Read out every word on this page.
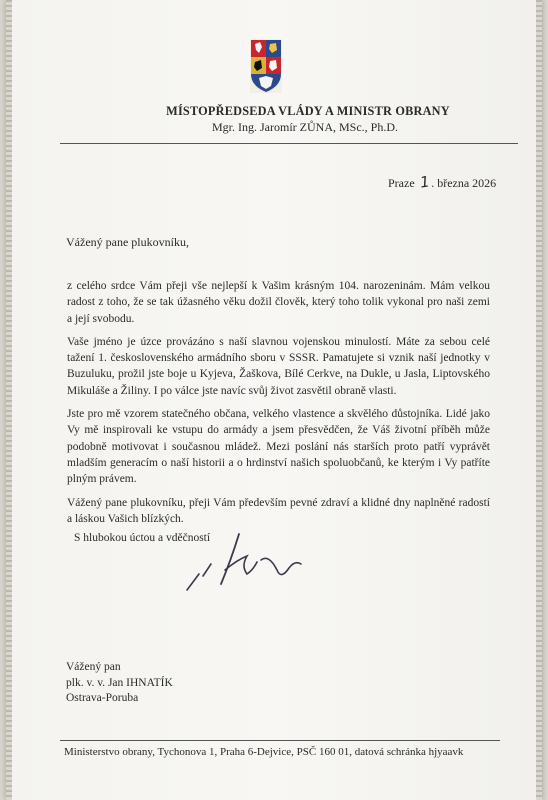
MÍSTOPŘEDSEDA VLÁDY A MINISTR OBRANY
Mgr. Ing. Jaromír ZŮNA, MSc., Ph.D.
Praze 1. března 2026
Vážený pane plukovníku,

z celého srdce Vám přeji vše nejlepší k Vašim krásným 104. narozeninám. Mám velkou radost z toho, že se tak úžasného věku dožil člověk, který toho tolik vykonal pro naši zemi a její svobodu.

Vaše jméno je úzce provázáno s naší slavnou vojenskou minulostí. Máte za sebou celé tažení 1. československého armádního sboru v SSSR. Pamatujete si vznik naší jednotky v Buzuluku, prožil jste boje u Kyjeva, Žaškova, Bílé Cerkve, na Dukle, u Jasla, Liptovského Mikuláše a Žiliny. I po válce jste navíc svůj život zasvětil obraně vlasti.

Jste pro mě vzorem statečného občana, velkého vlastence a skvělého důstojníka. Lidé jako Vy mě inspirovali ke vstupu do armády a jsem přesvědčen, že Váš životní příběh může podobně motivovat i současnou mládež. Mezi poslání nás starších proto patří vyprávět mladším generacím o naší historii a o hrdinství našich spoluobčanů, ke kterým i Vy patříte plným právem.

Vážený pane plukovníku, přeji Vám především pevné zdraví a klidné dny naplněné radostí a láskou Vašich blízkých.

S hlubokou úctou a vděčností
Vážený pan
plk. v. v. Jan IHNATÍK
Ostrava-Poruba
Ministerstvo obrany, Tychonova 1, Praha 6-Dejvice, PSČ 160 01, datová schránka hjyaavk
